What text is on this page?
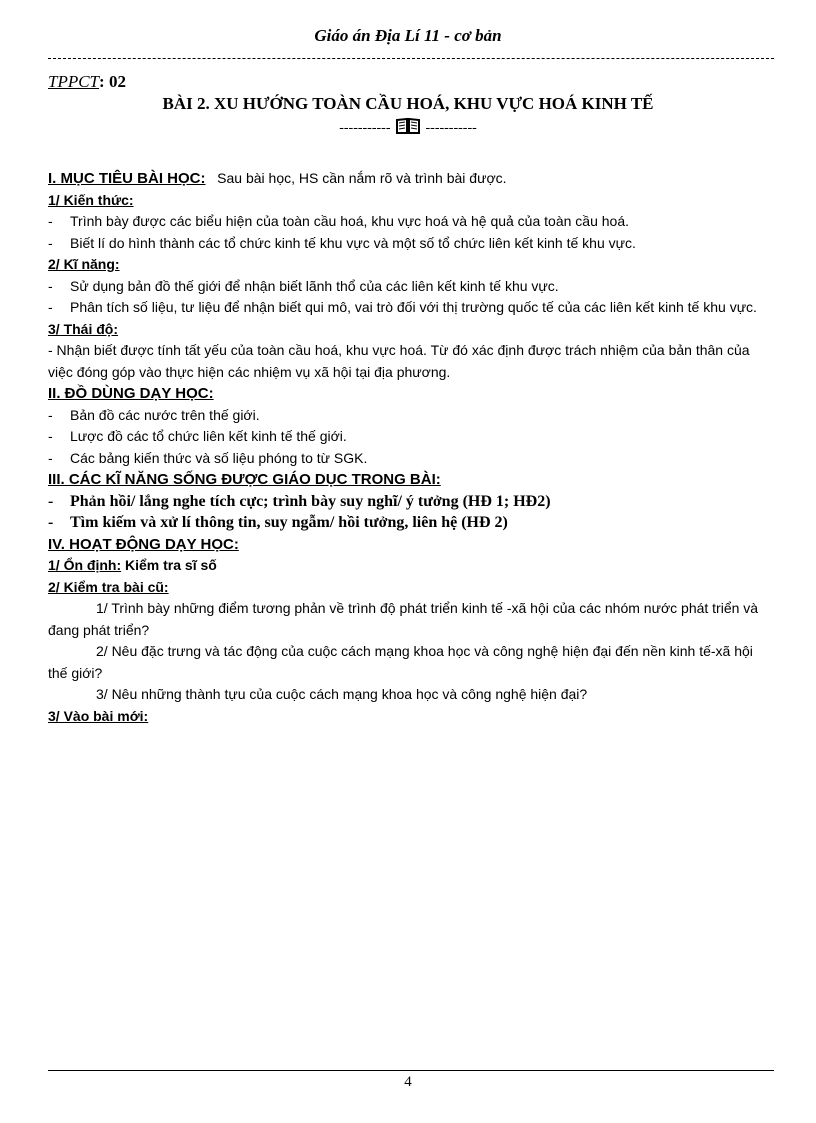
Giáo án Địa Lí 11 - cơ bản
TPPCT: 02
BÀI 2. XU HƯỚNG TOÀN CẦU HOÁ, KHU VỰC HOÁ KINH TẾ
-----------	-----------
I. MỤC TIÊU BÀI HỌC: Sau bài học, HS cần nắm rõ và trình bài được.
1/ Kiến thức:
-	Trình bày được các biểu hiện của toàn cầu hoá, khu vực hoá và hệ quả của toàn cầu hoá.
-	Biết lí do hình thành các tổ chức kinh tế khu vực và một số tổ chức liên kết kinh tế khu vực.
2/ Kĩ năng:
-	Sử dụng bản đồ thế giới để nhận biết lãnh thổ của các liên kết kinh tế khu vực.
-	Phân tích số liệu, tư liệu để nhận biết qui mô, vai trò đối với thị trường quốc tế của các liên kết kinh tế khu vực.
3/ Thái độ:
- Nhận biết được tính tất yếu của toàn cầu hoá, khu vực hoá. Từ đó xác định được trách nhiệm của bản thân của việc đóng góp vào thực hiện các nhiệm vụ xã hội tại địa phương.
II. ĐỒ DÙNG DẠY HỌC:
-	Bản đồ các nước trên thế giới.
-	Lược đồ các tổ chức liên kết kinh tế thế giới.
-	Các bảng kiến thức và số liệu phóng to từ SGK.
III. CÁC KĨ NĂNG SỐNG ĐƯỢC GIÁO DỤC TRONG BÀI:
-	Phản hồi/ lắng nghe tích cực; trình bày suy nghĩ/ ý tưởng (HĐ 1; HĐ2)
-	Tìm kiếm và xử lí thông tin, suy ngẫm/ hồi tưởng, liên hệ (HĐ 2)
IV. HOẠT ĐỘNG DẠY HỌC:
1/ Ổn định: Kiểm tra sĩ số
2/ Kiểm tra bài cũ:
1/ Trình bày những điểm tương phản về trình độ phát triển kinh tế -xã hội của các nhóm nước phát triển và đang phát triển?
2/ Nêu đặc trưng và tác động của cuộc cách mạng khoa học và công nghệ hiện đại đến nền kinh tế-xã hội thế giới?
3/ Nêu những thành tựu của cuộc cách mạng khoa học và công nghệ hiện đại?
3/ Vào bài mới:
4
